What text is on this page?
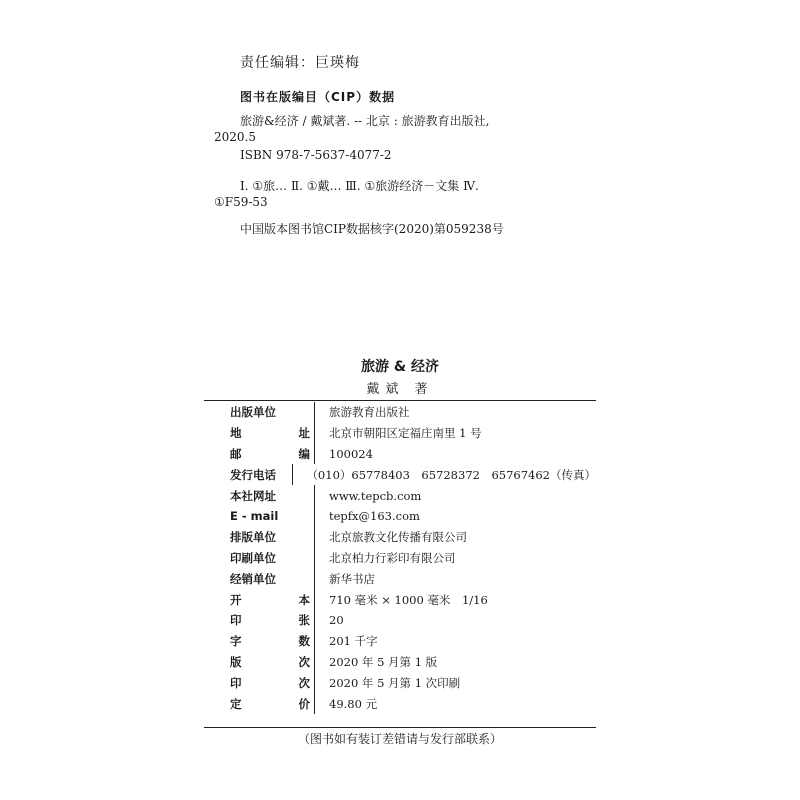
责任编辑：巨瑛梅
图书在版编目（CIP）数据
旅游&经济 / 戴斌著. -- 北京 : 旅游教育出版社,
2020.5
ISBN 978-7-5637-4077-2
Ⅰ. ①旅… Ⅱ. ①戴… Ⅲ. ①旅游经济－文集 Ⅳ.
①F59-53
中国版本图书馆CIP数据核字(2020)第059238号
旅游 & 经济
戴斌 著
出版单位	旅游教育出版社
地	址	北京市朝阳区定福庄南里 1 号
邮	编	100024
发行电话	（010）65778403　65728372　65767462（传真）
本社网址	www.tepcb.com
E - mail	tepfx@163.com
排版单位	北京旅教文化传播有限公司
印刷单位	北京柏力行彩印有限公司
经销单位	新华书店
开	本	710 毫米 × 1000 毫米　1/16
印	张	20
字	数	201 千字
版	次	2020 年 5 月第 1 版
印	次	2020 年 5 月第 1 次印刷
定	价	49.80 元
（图书如有装订差错请与发行部联系）
